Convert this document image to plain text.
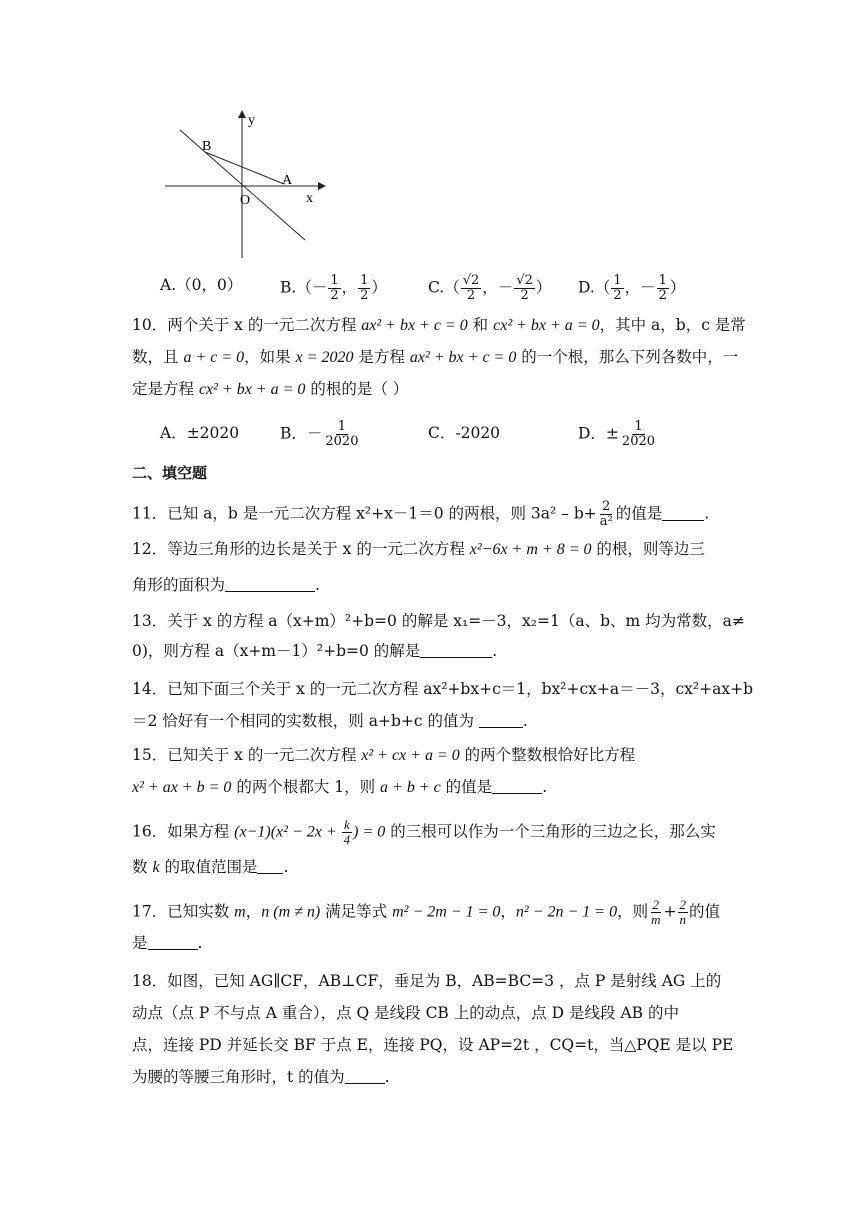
y
x
B
A
O
A.（0，0） $B.(- \frac{1}{2}$ ， $\frac{1}{2}$ ）	$C.( \frac{√2}{2}$ ，－ $\frac{√2}{2}$ ） $D.( \frac{1}{2}$ ，－ $\frac{1}{2}$ ）
10．两个关于 x 的一元二次方程 ax² + bx + c = 0 和 cx² + bx + a = 0，其中 a，b，c 是常
数，且 a + c = 0，如果 x = 2020 是方程 ax² + bx + c = 0 的一个根，那么下列各数中，一
定是方程 cx² + bx + a = 0 的根的是（ ）
A．±2020	B．－ $\frac{1}{2020}$	C．-2020	D．± $\frac{1}{2020}$
二、填空题
11．已知 a，b 是一元二次方程 x²+x－1＝0 的两根，则 $3a^2 - b+ \frac{2}{\text{a²}}$ 的值是	.
12．等边三角形的边长是关于 x 的一元二次方程 x²−6x + m + 8 = 0 的根，则等边三
角形的面积为	.
13．关于 x 的方程 a（x+m）²+b=0 的解是 x₁=－3，x₂=1（a、b、m 均为常数，a≠
0)，则方程 a（x+m－1）²+b=0 的解是	.
14．已知下面三个关于 x 的一元二次方程 ax²+bx+c＝1，bx²+cx+a＝－3，cx²+ax+b
＝2 恰好有一个相同的实数根，则 a+b+c 的值为	.
15．已知关于 x 的一元二次方程 x² + cx + a = 0 的两个整数根恰好比方程
x² + ax + b = 0 的两个根都大 1，则 a + b + c 的值是	.
16．如果方程 $(x-1)(x^2 - 2x + \frac{k}{4}$ ) = 0 的三根可以作为一个三角形的三边之长，那么实
数 k 的取值范围是 .
17．已知实数 m，n (m ≠ n) 满足等式 m² − 2m − 1 = 0，n² − 2n − 1 = 0，则 $\frac{2}{m} + \frac{2}{n}$ 的值
是	.
18．如图，已知 AG∥CF，AB⊥CF，垂足为 B，AB=BC=3 ，点 P 是射线 AG 上的
动点（点 P 不与点 A 重合），点 Q 是线段 CB 上的动点，点 D 是线段 AB 的中
点，连接 PD 并延长交 BF 于点 E，连接 PQ，设 AP=2t ，CQ=t，当△PQE 是以 PE
为腰的等腰三角形时，t 的值为	.
